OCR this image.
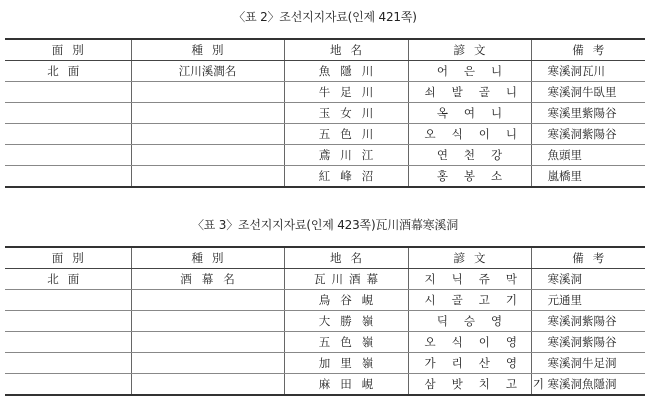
〈표 2〉조선지지자료(인제 421쪽)
面別	種別	地名	諺文	備考
北面	江川溪澗名	魚隱川	어은니	寒溪洞瓦川
		牛足川	쇠발골니	寒溪洞牛臥里
		玉女川	옥여니	寒溪里紫陽谷
		五色川	오식이니	寒溪洞紫陽谷
		鳶川江	연천강	魚頭里
		紅峰沼	홍봉소	嵐橋里
〈표 3〉조선지지자료(인제 423쪽)瓦川酒幕寒溪洞
面別	種別	地名	諺文	備考
北面	酒幕名	瓦川酒幕	지닉쥬막	寒溪洞
		鳥谷峴	시골고기	元通里
		大勝嶺	딕승영	寒溪洞紫陽谷
		五色嶺	오식이영	寒溪洞紫陽谷
		加里嶺	가리산영	寒溪洞牛足洞
		麻田峴	삼밧치고기	寒溪洞魚隱洞
